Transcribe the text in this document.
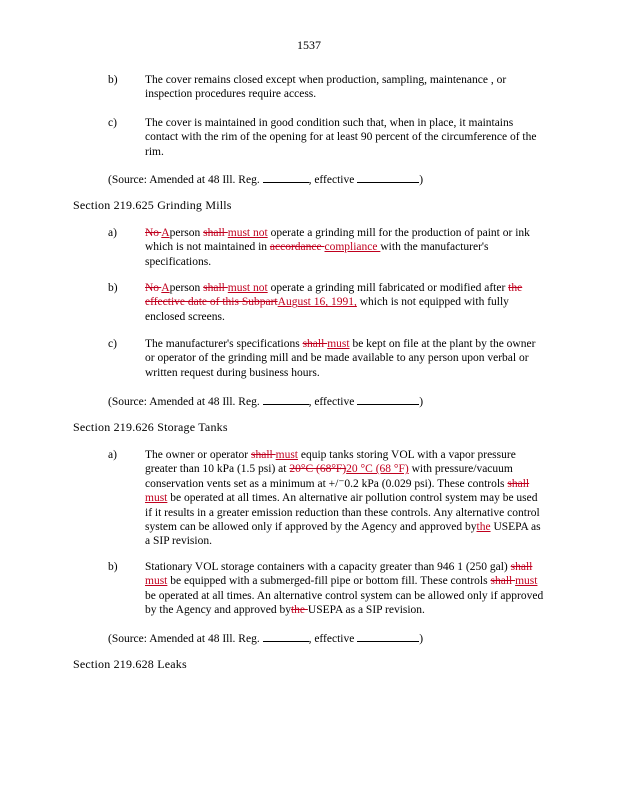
1537
b) The cover remains closed except when production, sampling, maintenance , or inspection procedures require access.
c) The cover is maintained in good condition such that, when in place, it maintains contact with the rim of the opening for at least 90 percent of the circumference of the rim.
(Source: Amended at 48 Ill. Reg.	, effective	)
Section 219.625 Grinding Mills
a) No Aperson shall must not operate a grinding mill for the production of paint or ink which is not maintained in accordance compliance with the manufacturer's specifications.
b) No Aperson shall must not operate a grinding mill fabricated or modified after the effective date of this SubpartAugust 16, 1991, which is not equipped with fully enclosed screens.
c) The manufacturer's specifications shall must be kept on file at the plant by the owner or operator of the grinding mill and be made available to any person upon verbal or written request during business hours.
(Source: Amended at 48 Ill. Reg.	, effective	)
Section 219.626 Storage Tanks
a) The owner or operator shall must equip tanks storing VOL with a vapor pressure greater than 10 kPa (1.5 psi) at 20°C (68°F)20 °C (68 °F) with pressure/vacuum conservation vents set as a minimum at +/⁻0.2 kPa (0.029 psi). These controls shall must be operated at all times. An alternative air pollution control system may be used if it results in a greater emission reduction than these controls. Any alternative control system can be allowed only if approved by the Agency and approved bythe USEPA as a SIP revision.
b) Stationary VOL storage containers with a capacity greater than 946 1 (250 gal) shall must be equipped with a submerged-fill pipe or bottom fill. These controls shall must be operated at all times. An alternative control system can be allowed only if approved by the Agency and approved bythe USEPA as a SIP revision.
(Source: Amended at 48 Ill. Reg.	, effective	)
Section 219.628 Leaks
